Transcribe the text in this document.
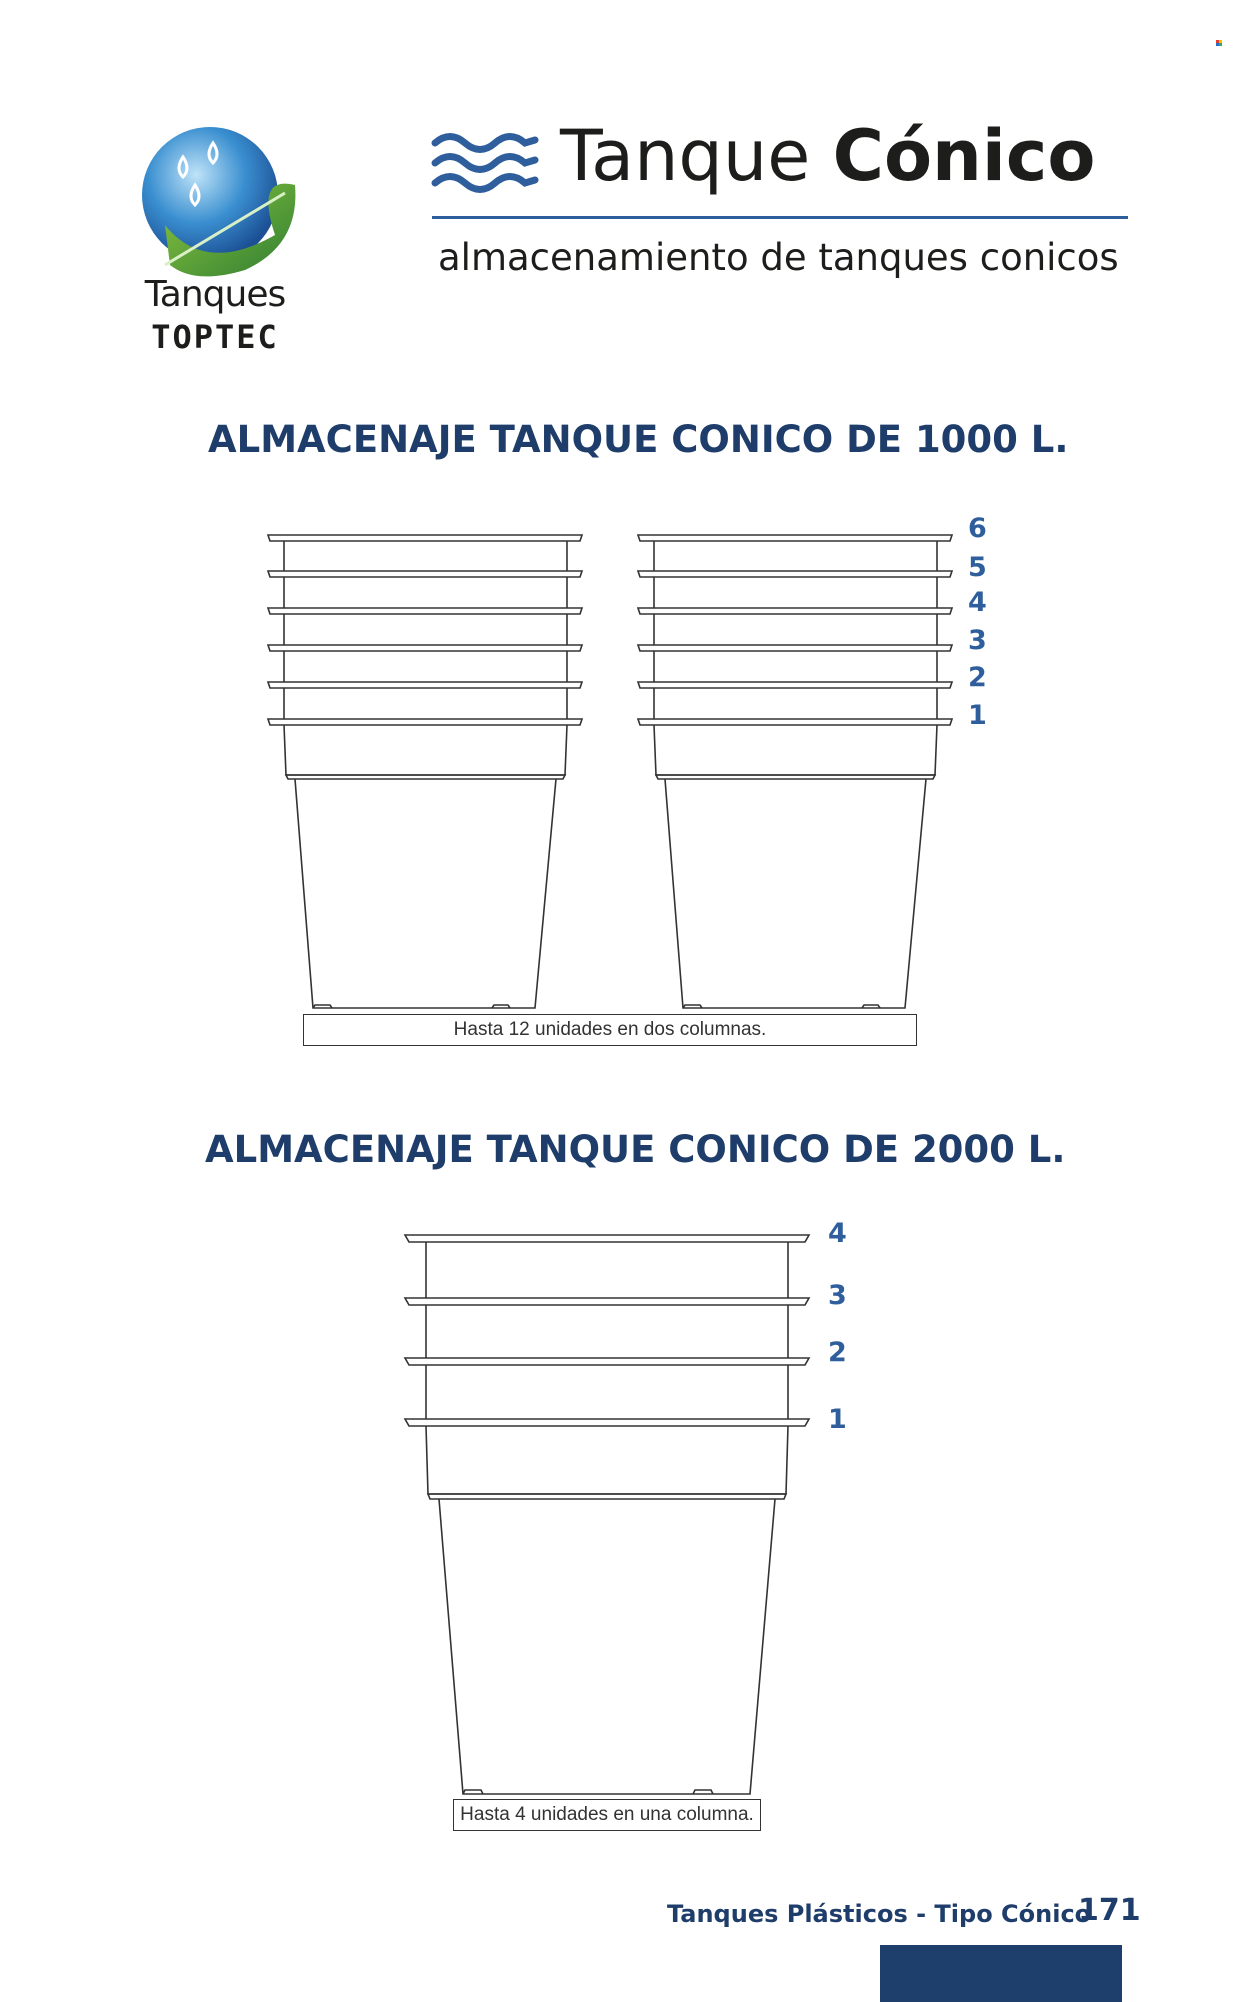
Tanques
TOPTEC
Tanque Cónico
almacenamiento de tanques conicos
ALMACENAJE TANQUE CONICO DE 1000 L.
6
5
4
3
2
1
Hasta 12 unidades en dos columnas.
ALMACENAJE TANQUE CONICO DE 2000 L.
4
3
2
1
Hasta 4 unidades en una columna.
Tanques Plásticos - Tipo Cónico
171
